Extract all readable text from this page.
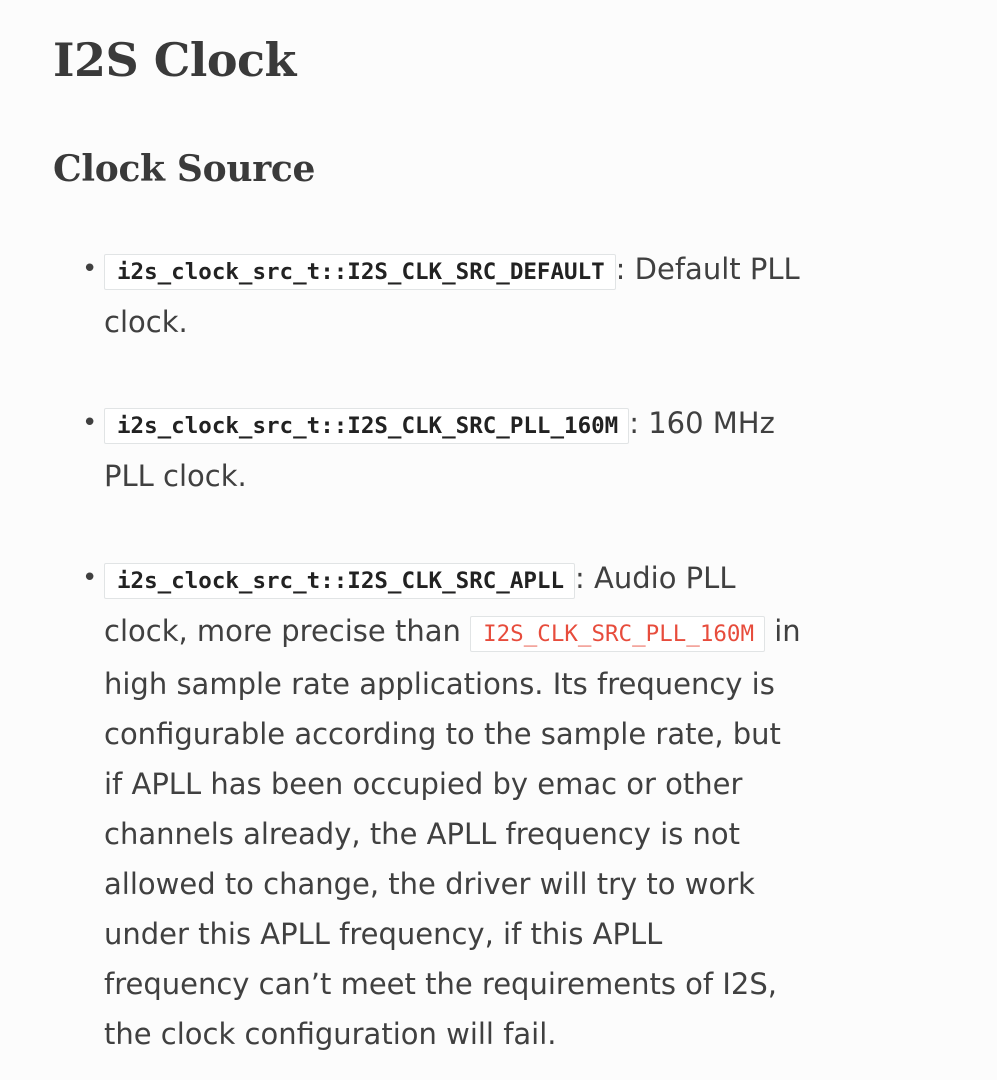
I2S Clock
Clock Source
• i2s_clock_src_t::I2S_CLK_SRC_DEFAULT : Default PLL clock.
• i2s_clock_src_t::I2S_CLK_SRC_PLL_160M : 160 MHz PLL clock.
• i2s_clock_src_t::I2S_CLK_SRC_APLL : Audio PLL clock, more precise than I2S_CLK_SRC_PLL_160M in high sample rate applications. Its frequency is configurable according to the sample rate, but if APLL has been occupied by emac or other channels already, the APLL frequency is not allowed to change, the driver will try to work under this APLL frequency, if this APLL frequency can’t meet the requirements of I2S, the clock configuration will fail.
